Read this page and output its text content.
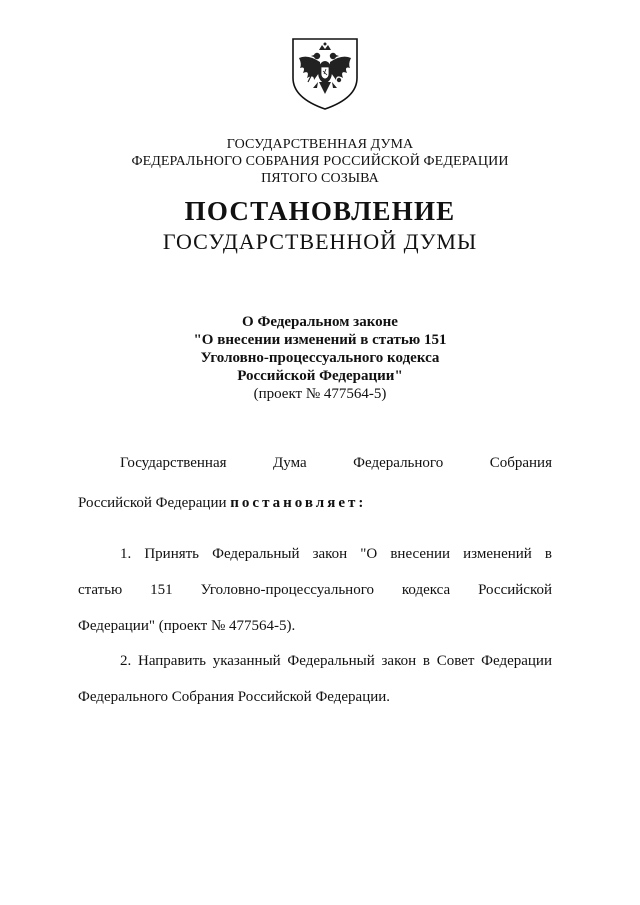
ГОСУДАРСТВЕННАЯ ДУМА
ФЕДЕРАЛЬНОГО СОБРАНИЯ РОССИЙСКОЙ ФЕДЕРАЦИИ
ПЯТОГО СОЗЫВА
ПОСТАНОВЛЕНИЕ
ГОСУДАРСТВЕННОЙ ДУМЫ
О Федеральном законе
"О внесении изменений в статью 151
Уголовно-процессуального кодекса
Российской Федерации"
(проект № 477564-5)
Государственная Дума Федерального Собрания
Российской Федерации постановляет:
1. Принять Федеральный закон "О внесении изменений в
статью 151 Уголовно-процессуального кодекса Российской
Федерации" (проект № 477564-5).
2. Направить указанный Федеральный закон в Совет Федерации
Федерального Собрания Российской Федерации.
